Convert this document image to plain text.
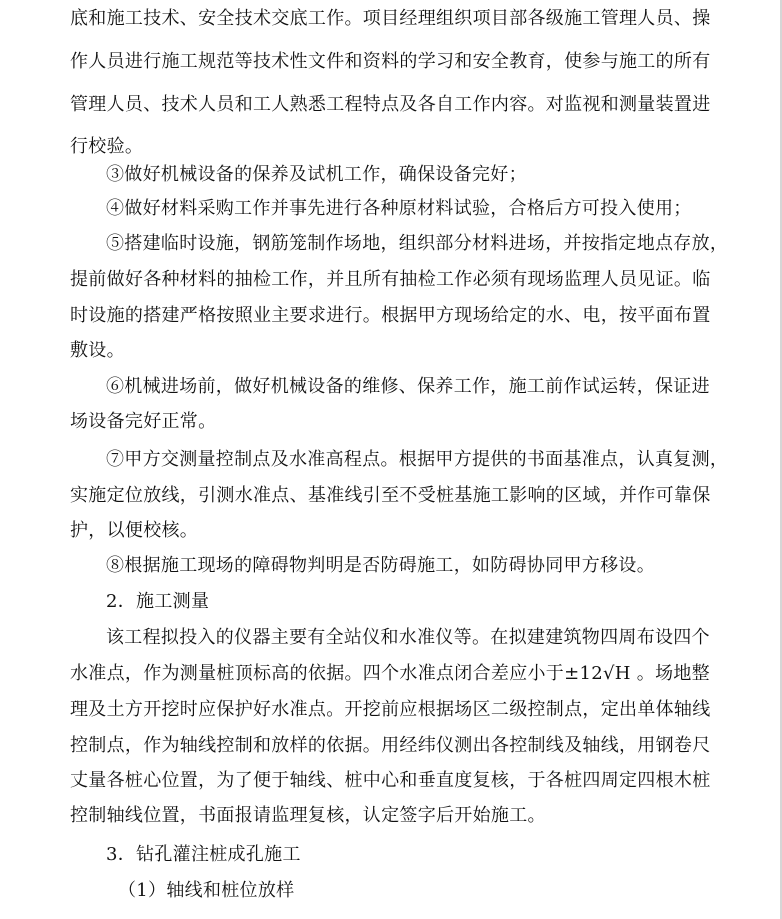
底和施工技术、安全技术交底工作。项目经理组织项目部各级施工管理人员、操
作人员进行施工规范等技术性文件和资料的学习和安全教育，使参与施工的所有
管理人员、技术人员和工人熟悉工程特点及各自工作内容。对监视和测量装置进
行校验。
③做好机械设备的保养及试机工作，确保设备完好；
④做好材料采购工作并事先进行各种原材料试验，合格后方可投入使用；
⑤搭建临时设施，钢筋笼制作场地，组织部分材料进场，并按指定地点存放，
提前做好各种材料的抽检工作，并且所有抽检工作必须有现场监理人员见证。临
时设施的搭建严格按照业主要求进行。根据甲方现场给定的水、电，按平面布置
敷设。
⑥机械进场前，做好机械设备的维修、保养工作，施工前作试运转，保证进
场设备完好正常。
⑦甲方交测量控制点及水准高程点。根据甲方提供的书面基准点，认真复测，
实施定位放线，引测水准点、基准线引至不受桩基施工影响的区域，并作可靠保
护，以便校核。
⑧根据施工现场的障碍物判明是否防碍施工，如防碍协同甲方移设。
2．施工测量
该工程拟投入的仪器主要有全站仪和水准仪等。在拟建建筑物四周布设四个
水准点，作为测量桩顶标高的依据。四个水准点闭合差应小于±12√H 。场地整
理及土方开挖时应保护好水准点。开挖前应根据场区二级控制点，定出单体轴线
控制点，作为轴线控制和放样的依据。用经纬仪测出各控制线及轴线，用钢卷尺
丈量各桩心位置，为了便于轴线、桩中心和垂直度复核，于各桩四周定四根木桩
控制轴线位置，书面报请监理复核，认定签字后开始施工。
3．钻孔灌注桩成孔施工
（1）轴线和桩位放样
